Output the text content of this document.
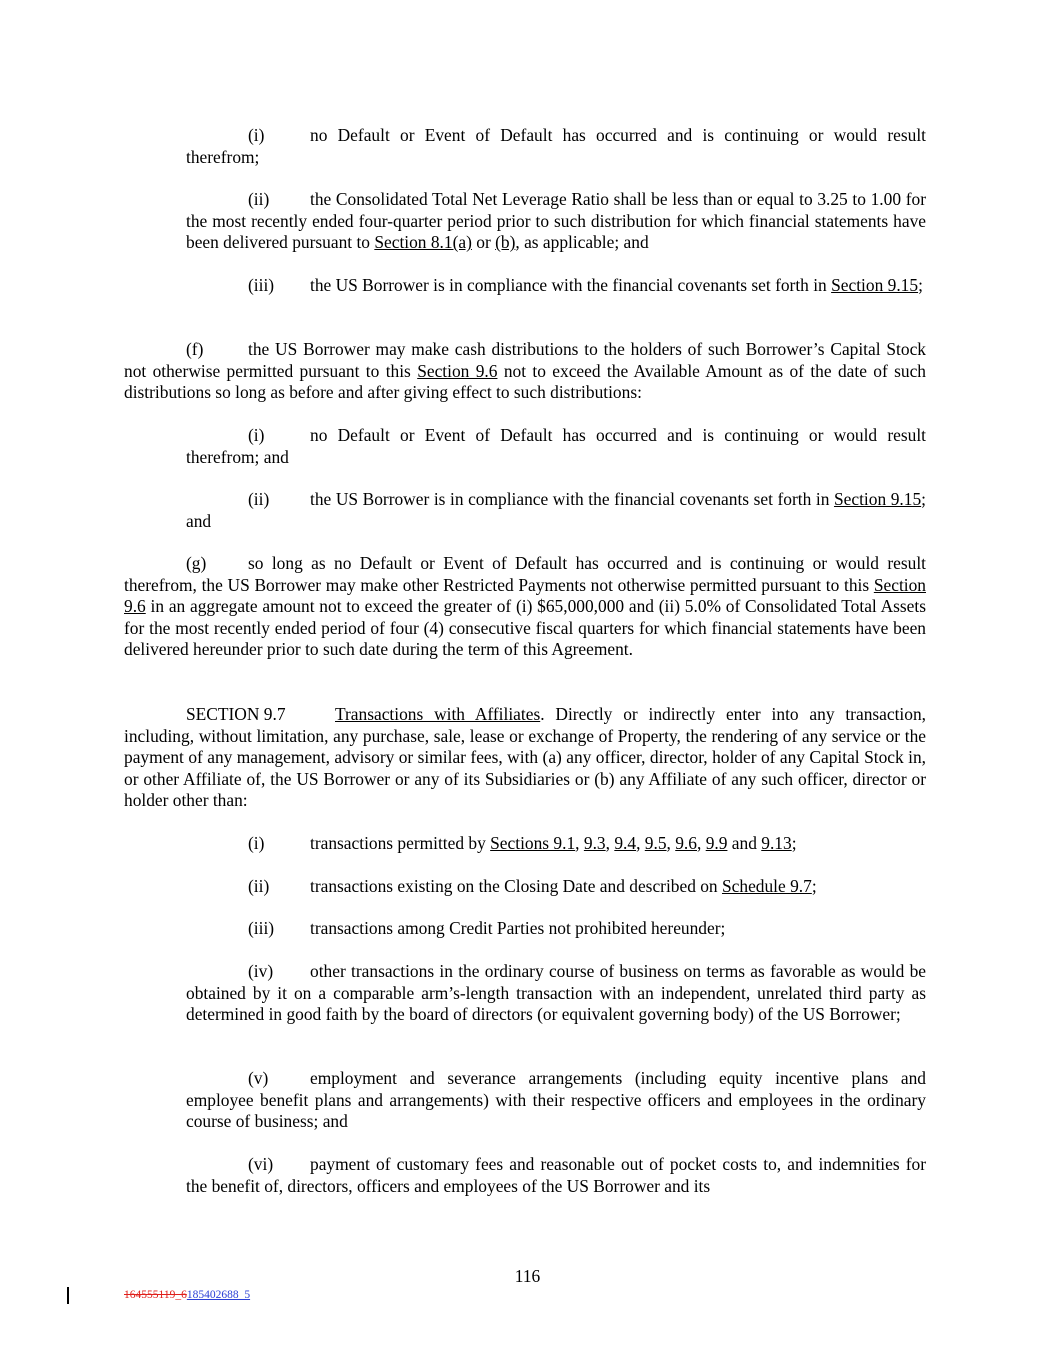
(i)	no Default or Event of Default has occurred and is continuing or would result therefrom;

(ii) the Consolidated Total Net Leverage Ratio shall be less than or equal to 3.25 to 1.00 for the most recently ended four-quarter period prior to such distribution for which financial statements have been delivered pursuant to Section 8.1(a) or (b), as applicable; and

(iii) the US Borrower is in compliance with the financial covenants set forth in Section 9.15;

(f)	the US Borrower may make cash distributions to the holders of such Borrower’s Capital Stock not otherwise permitted pursuant to this Section 9.6 not to exceed the Available Amount as of the date of such distributions so long as before and after giving effect to such distributions:

(i)	no Default or Event of Default has occurred and is continuing or would result therefrom; and

(ii) the US Borrower is in compliance with the financial covenants set forth in Section 9.15; and

(g) so long as no Default or Event of Default has occurred and is continuing or would result therefrom, the US Borrower may make other Restricted Payments not otherwise permitted pursuant to this Section 9.6 in an aggregate amount not to exceed the greater of (i) $65,000,000 and (ii) 5.0% of Consolidated Total Assets for the most recently ended period of four (4) consecutive fiscal quarters for which financial statements have been delivered hereunder prior to such date during the term of this Agreement.

SECTION 9.7	Transactions with Affiliates. Directly or indirectly enter into any transaction, including, without limitation, any purchase, sale, lease or exchange of Property, the rendering of any service or the payment of any management, advisory or similar fees, with (a) any officer, director, holder of any Capital Stock in, or other Affiliate of, the US Borrower or any of its Subsidiaries or (b) any Affiliate of any such officer, director or holder other than:

(i)	transactions permitted by Sections 9.1, 9.3, 9.4, 9.5, 9.6, 9.9 and 9.13;

(ii) transactions existing on the Closing Date and described on Schedule 9.7;

(iii) transactions among Credit Parties not prohibited hereunder;

(iv) other transactions in the ordinary course of business on terms as favorable as would be obtained by it on a comparable arm’s-length transaction with an independent, unrelated third party as determined in good faith by the board of directors (or equivalent governing body) of the US Borrower;

(v) employment and severance arrangements (including equity incentive plans and employee benefit plans and arrangements) with their respective officers and employees in the ordinary course of business; and

(vi) payment of customary fees and reasonable out of pocket costs to, and indemnities for the benefit of, directors, officers and employees of the US Borrower and its

116
164555119_6185402688_5
